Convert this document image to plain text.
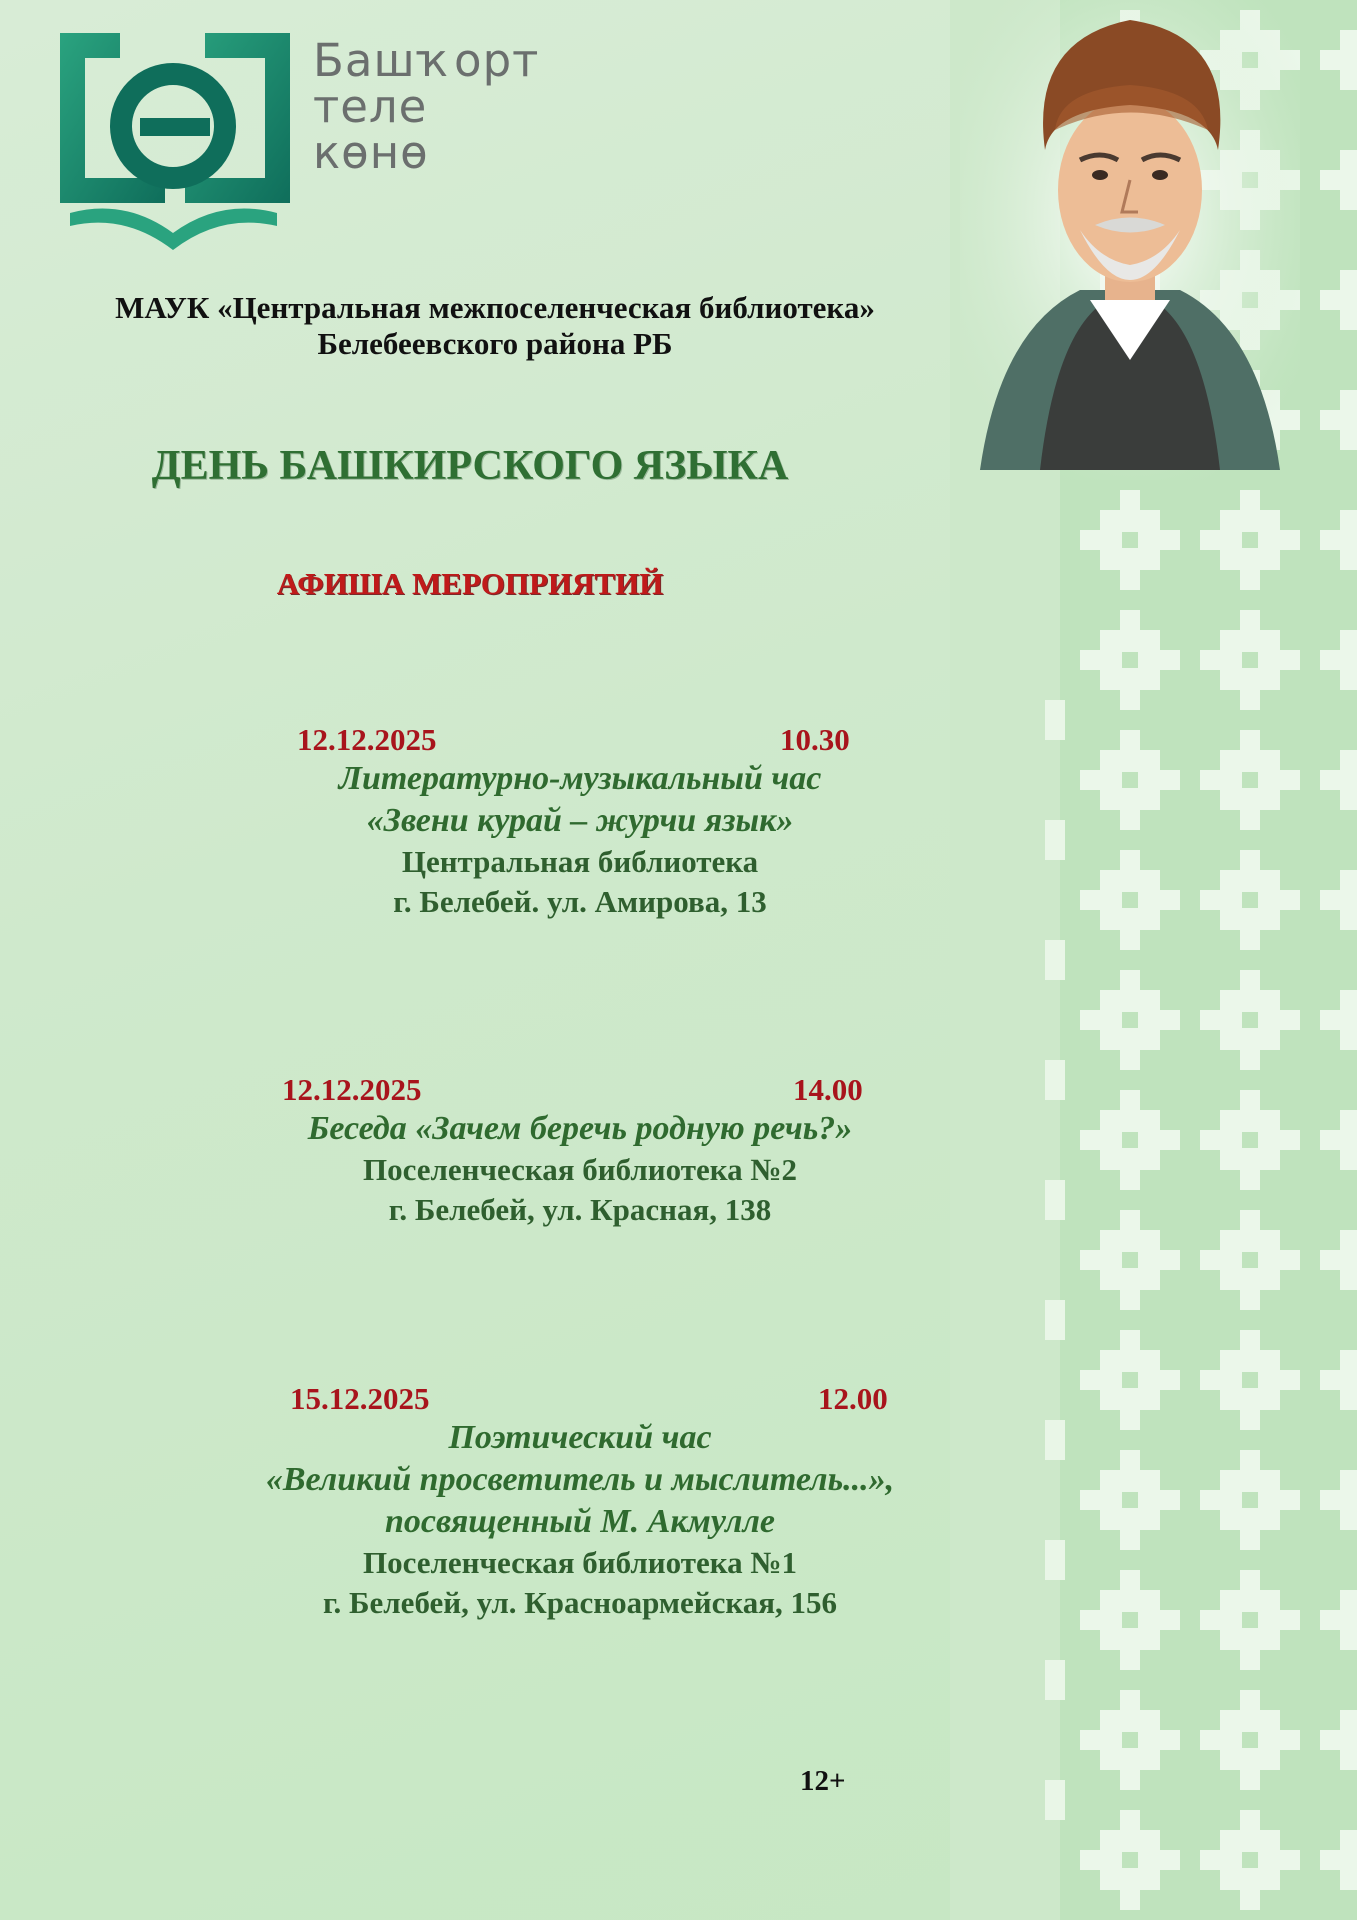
Башҡорт
теле
көнө
МАУК «Центральная межпоселенческая библиотека»
Белебеевского района РБ
ДЕНЬ БАШКИРСКОГО ЯЗЫКА
АФИША МЕРОПРИЯТИЙ
12.12.2025	10.30
Литературно-музыкальный час
«Звени курай – журчи язык»
Центральная библиотека
г. Белебей. ул. Амирова, 13
12.12.2025	14.00
Беседа «Зачем беречь родную речь?»
Поселенческая библиотека №2
г. Белебей, ул. Красная, 138
15.12.2025	12.00
Поэтический час
«Великий просветитель и мыслитель...»,
посвященный М. Акмулле
Поселенческая библиотека №1
г. Белебей, ул. Красноармейская, 156
12+
